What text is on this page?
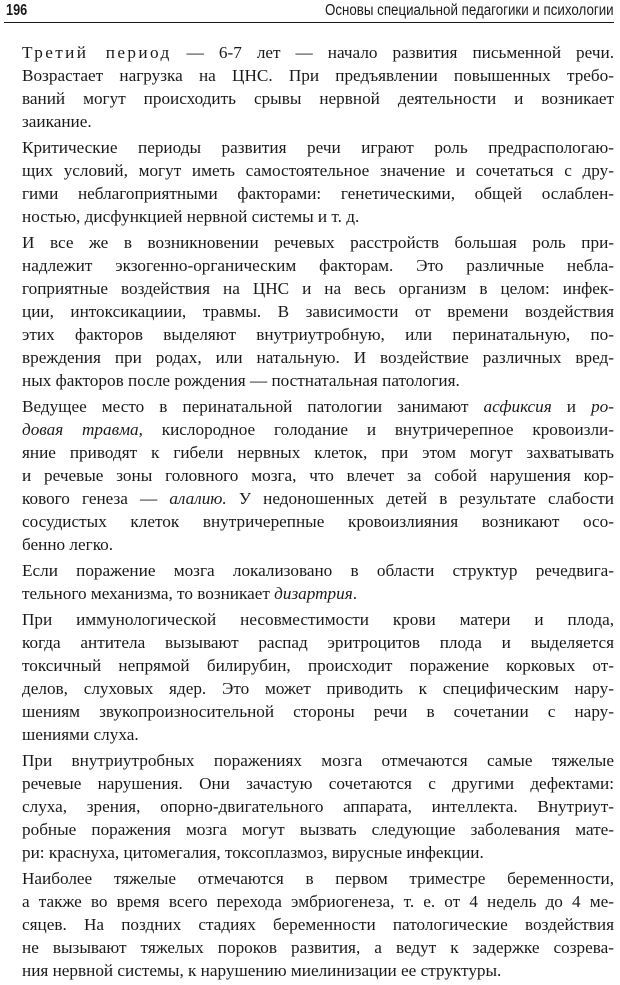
196	Основы специальной педагогики и психологии
Третий период — 6-7 лет — начало развития письменной речи.
Возрастает нагрузка на ЦНС. При предъявлении повышенных требо-
ваний могут происходить срывы нервной деятельности и возникает
заикание.
Критические периоды развития речи играют роль предраспологаю-
щих условий, могут иметь самостоятельное значение и сочетаться с дру-
гими неблагоприятными факторами: генетическими, общей ослаблен-
ностью, дисфункцией нервной системы и т. д.
И все же в возникновении речевых расстройств большая роль при-
надлежит экзогенно-органическим факторам. Это различные небла-
гоприятные воздействия на ЦНС и на весь организм в целом: инфек-
ции, интоксикациии, травмы. В зависимости от времени воздействия
этих факторов выделяют внутриутробную, или перинатальную, по-
вреждения при родах, или натальную. И воздействие различных вред-
ных факторов после рождения — постнатальная патология.
Ведущее место в перинатальной патологии занимают асфиксия и ро-
довая травма, кислородное голодание и внутричерепное кровоизли-
яние приводят к гибели нервных клеток, при этом могут захватывать
и речевые зоны головного мозга, что влечет за собой нарушения кор-
кового генеза — алалию. У недоношенных детей в результате слабости
сосудистых клеток внутричерепные кровоизлияния возникают осо-
бенно легко.
Если поражение мозга локализовано в области структур речедвига-
тельного механизма, то возникает дизартрия.
При иммунологической несовместимости крови матери и плода,
когда антитела вызывают распад эритроцитов плода и выделяется
токсичный непрямой билирубин, происходит поражение корковых от-
делов, слуховых ядер. Это может приводить к специфическим нару-
шениям звукопроизносительной стороны речи в сочетании с нару-
шениями слуха.
При внутриутробных поражениях мозга отмечаются самые тяжелые
речевые нарушения. Они зачастую сочетаются с другими дефектами:
слуха, зрения, опорно-двигательного аппарата, интеллекта. Внутриут-
робные поражения мозга могут вызвать следующие заболевания мате-
ри: краснуха, цитомегалия, токсоплазмоз, вирусные инфекции.
Наиболее тяжелые отмечаются в первом триместре беременности,
а также во время всего перехода эмбриогенеза, т. е. от 4 недель до 4 ме-
сяцев. На поздних стадиях беременности патологические воздействия
не вызывают тяжелых пороков развития, а ведут к задержке созрева-
ния нервной системы, к нарушению миелинизации ее структуры.
